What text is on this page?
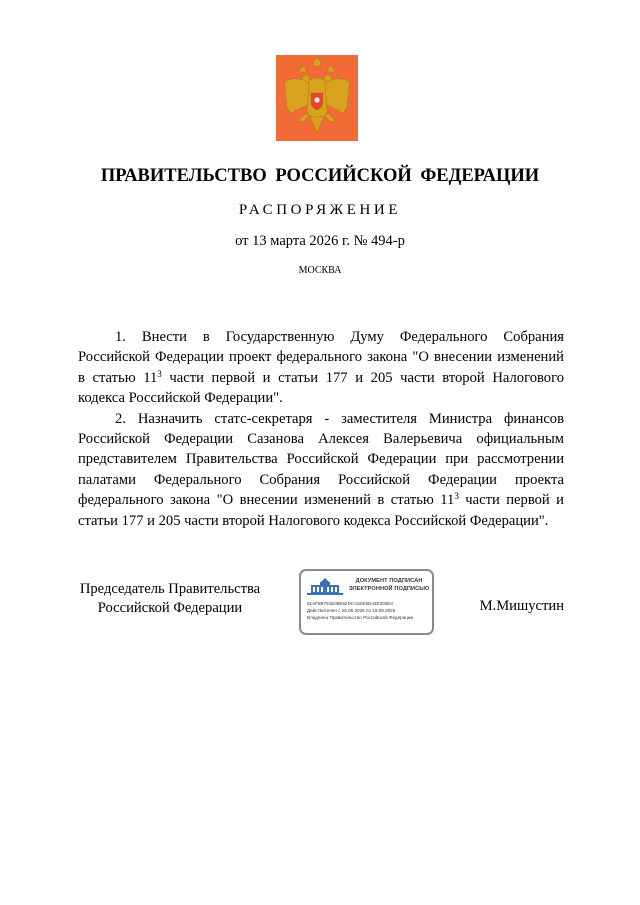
ПРАВИТЕЛЬСТВО РОССИЙСКОЙ ФЕДЕРАЦИИ
РАСПОРЯЖЕНИЕ
от 13 марта 2026 г. № 494-р
МОСКВА

1. Внести в Государственную Думу Федерального Собрания Российской Федерации проект федерального закона "О внесении изменений в статью $11^3$ части первой и статьи 177 и 205 части второй Налогового кодекса Российской Федерации".

2. Назначить статс-секретаря - заместителя Министра финансов Российской Федерации Сазанова Алексея Валерьевича официальным представителем Правительства Российской Федерации при рассмотрении палатами Федерального Собрания Российской Федерации проекта федерального закона "О внесении изменений в статью $11^3$ части первой и статьи 177 и 205 части второй Налогового кодекса Российской Федерации".

Председатель Правительства
Российской Федерации
ДОКУМЕНТ ПОДПИСАН
ЭЛЕКТРОННОЙ ПОДПИСЬЮ
51AF8B781E09E62DC41EE5D43E303E3
Действителен с 26.06.2025 по 19.09.2026
Владелец Правительство Российской Федерации
М.Мишустин
